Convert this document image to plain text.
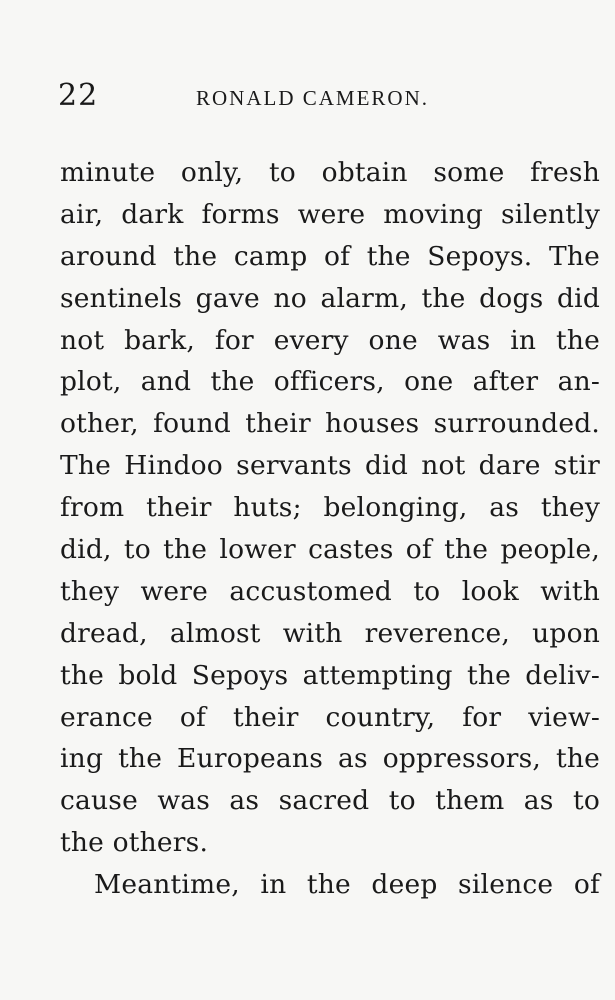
22	RONALD CAMERON.
minute only, to obtain some fresh
air, dark forms were moving silently
around the camp of the Sepoys. The
sentinels gave no alarm, the dogs did
not bark, for every one was in the
plot, and the officers, one after an-
other, found their houses surrounded.
The Hindoo servants did not dare stir
from their huts; belonging, as they
did, to the lower castes of the people,
they were accustomed to look with
dread, almost with reverence, upon
the bold Sepoys attempting the deliv-
erance of their country, for view-
ing the Europeans as oppressors, the
cause was as sacred to them as to
the others.
Meantime, in the deep silence of
